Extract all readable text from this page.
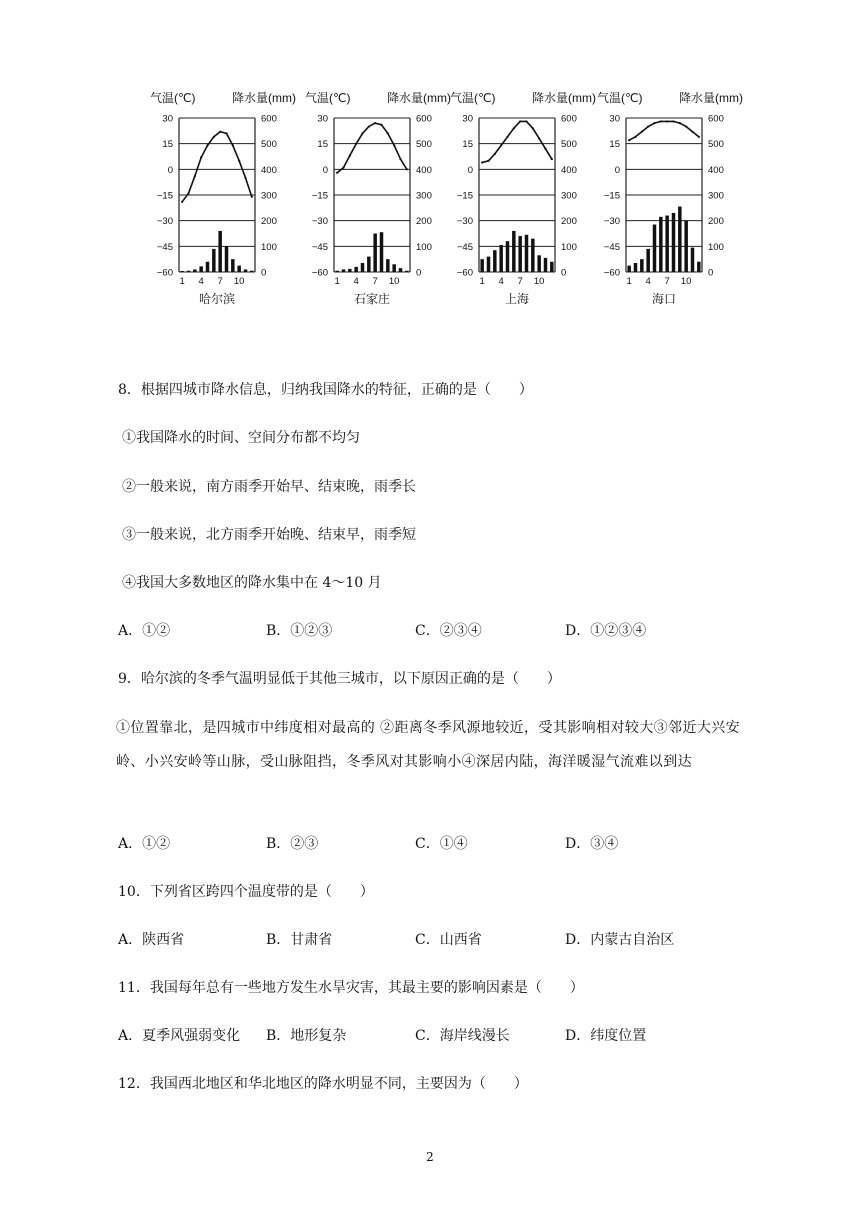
气温(℃)	降水量(mm)
30
15
0
−15
−30
−45
−60
600
500
400
300
200
100
0
1 4 7 10
哈尔滨
气温(℃)	降水量(mm)
30
15
0
−15
−30
−45
−60
600
500
400
300
200
100
0
1 4 7 10
石家庄
气温(℃)	降水量(mm)
30
15
0
−15
−30
−45
−60
600
500
400
300
200
100
0
1 4 7 10
上海
气温(℃)	降水量(mm)
30
15
0
−15
−30
−45
−60
600
500
400
300
200
100
0
1 4 7 10
海口
8．根据四城市降水信息，归纳我国降水的特征，正确的是（　　）
①我国降水的时间、空间分布都不均匀
②一般来说，南方雨季开始早、结束晚，雨季长
③一般来说，北方雨季开始晚、结束早，雨季短
④我国大多数地区的降水集中在 4～10 月
A．①②	B．①②③	C．②③④	D．①②③④
9．哈尔滨的冬季气温明显低于其他三城市，以下原因正确的是（　　）
①位置靠北，是四城市中纬度相对最高的 ②距离冬季风源地较近，受其影响相对较大③邻近大兴安岭、小兴安岭等山脉，受山脉阻挡，冬季风对其影响小④深居内陆，海洋暖湿气流难以到达
A．①②	B．②③	C．①④	D．③④
10．下列省区跨四个温度带的是（　　）
A．陕西省	B．甘肃省	C．山西省	D．内蒙古自治区
11．我国每年总有一些地方发生水旱灾害，其最主要的影响因素是（　　）
A．夏季风强弱变化 B．地形复杂	C．海岸线漫长	D．纬度位置
12．我国西北地区和华北地区的降水明显不同，主要因为（　　）
2
